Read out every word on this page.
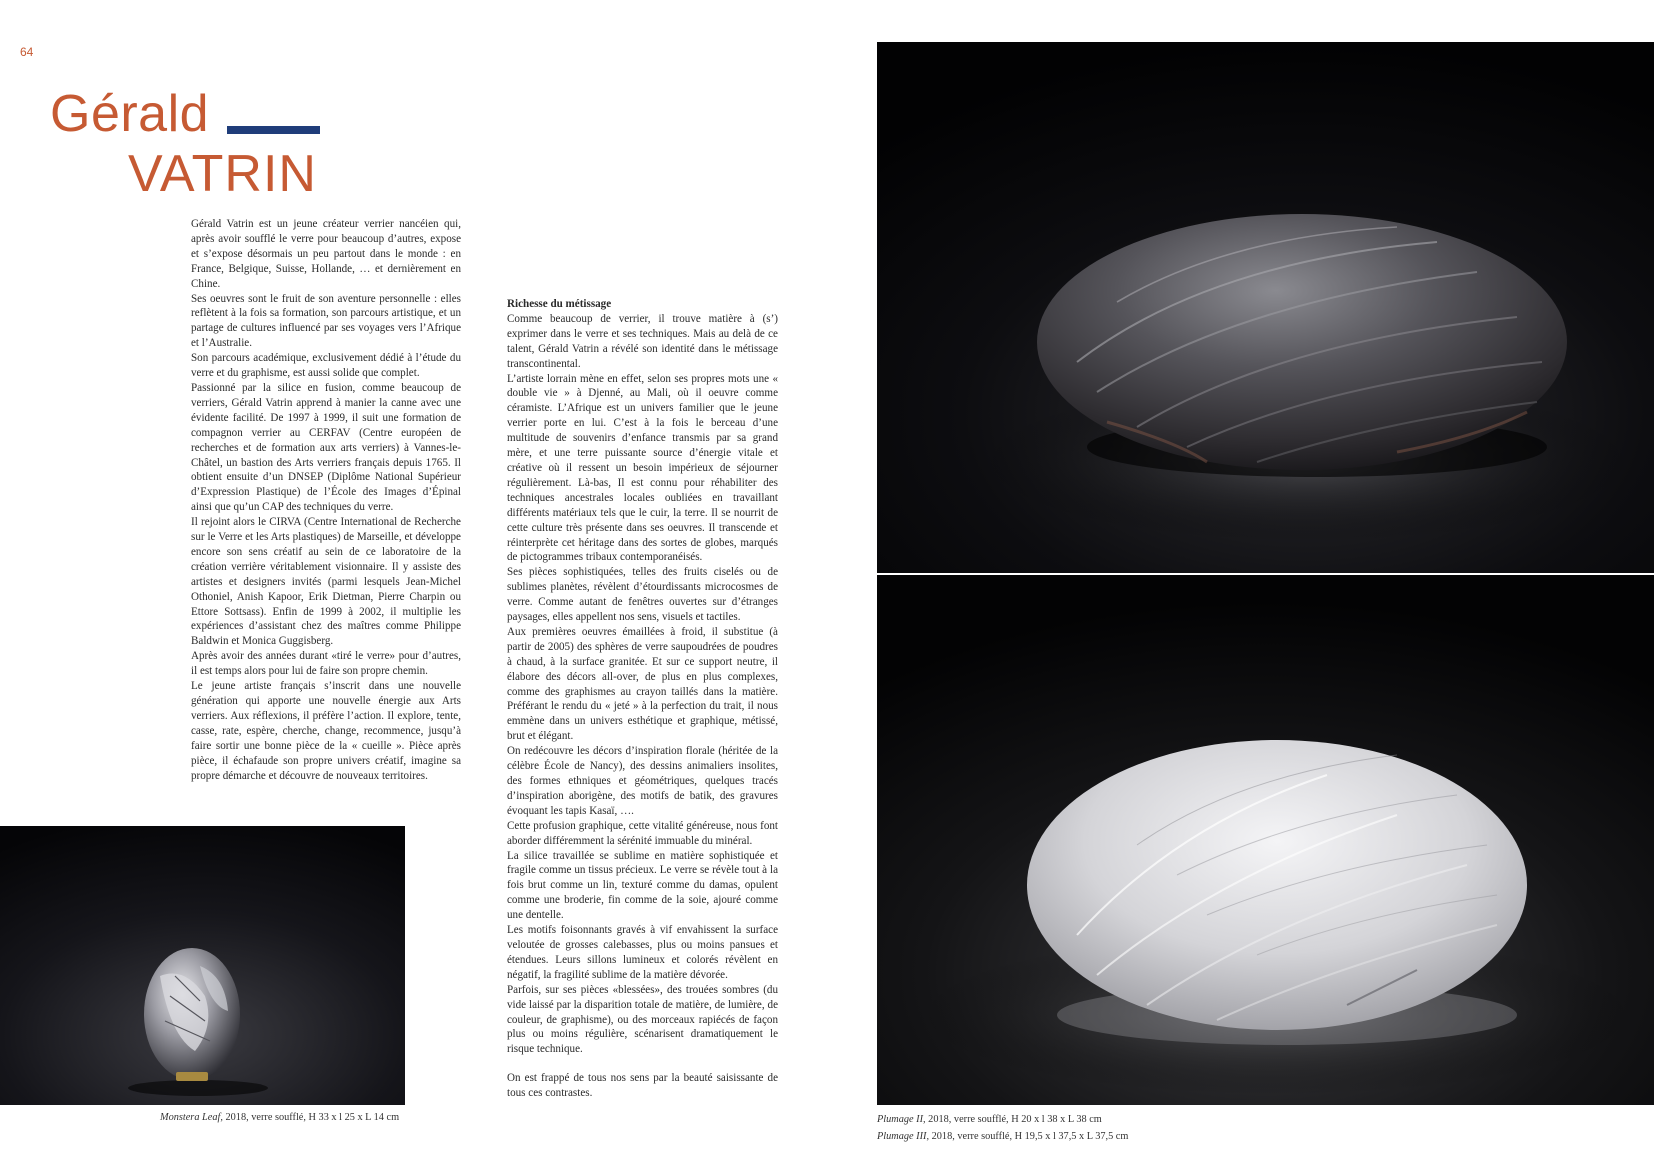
64
Gérald
VATRIN

Gérald Vatrin est un jeune créateur verrier nancéien qui, après avoir soufflé le verre pour beaucoup d’autres, expose et s’expose désormais un peu partout dans le monde : en France, Belgique, Suisse, Hollande, … et dernièrement en Chine.

Ses oeuvres sont le fruit de son aventure personnelle : elles reflètent à la fois sa formation, son parcours artistique, et un partage de cultures influencé par ses voyages vers l’Afrique et l’Australie.

Son parcours académique, exclusivement dédié à l’étude du verre et du graphisme, est aussi solide que complet.

Passionné par la silice en fusion, comme beaucoup de verriers, Gérald Vatrin apprend à manier la canne avec une évidente facilité. De 1997 à 1999, il suit une formation de compagnon verrier au CERFAV (Centre européen de recherches et de formation aux arts verriers) à Vannes-le-Châtel, un bastion des Arts verriers français depuis 1765. Il obtient ensuite d’un DNSEP (Diplôme National Supérieur d’Expression Plastique) de l’École des Images d’Épinal ainsi que qu’un CAP des techniques du verre.

Il rejoint alors le CIRVA (Centre International de Recherche sur le Verre et les Arts plastiques) de Marseille, et développe encore son sens créatif au sein de ce laboratoire de la création verrière véritablement visionnaire. Il y assiste des artistes et designers invités (parmi lesquels Jean-Michel Othoniel, Anish Kapoor, Erik Dietman, Pierre Charpin ou Ettore Sottsass). Enfin de 1999 à 2002, il multiplie les expériences d’assistant chez des maîtres comme Philippe Baldwin et Monica Guggisberg.

Après avoir des années durant «tiré le verre» pour d’autres, il est temps alors pour lui de faire son propre chemin.

Le jeune artiste français s’inscrit dans une nouvelle génération qui apporte une nouvelle énergie aux Arts verriers. Aux réflexions, il préfère l’action. Il explore, tente, casse, rate, espère, cherche, change, recommence, jusqu’à faire sortir une bonne pièce de la « cueille ». Pièce après pièce, il échafaude son propre univers créatif, imagine sa propre démarche et découvre de nouveaux territoires.

Richesse du métissage

Comme beaucoup de verrier, il trouve matière à (s’) exprimer dans le verre et ses techniques. Mais au delà de ce talent, Gérald Vatrin a révélé son identité dans le métissage transcontinental.

L’artiste lorrain mène en effet, selon ses propres mots une « double vie » à Djenné, au Mali, où il oeuvre comme céramiste. L’Afrique est un univers familier que le jeune verrier porte en lui. C’est à la fois le berceau d’une multitude de souvenirs d’enfance transmis par sa grand mère, et une terre puissante source d’énergie vitale et créative où il ressent un besoin impérieux de séjourner régulièrement. Là-bas, Il est connu pour réhabiliter des techniques ancestrales locales oubliées en travaillant différents matériaux tels que le cuir, la terre. Il se nourrit de cette culture très présente dans ses oeuvres. Il transcende et réinterprète cet héritage dans des sortes de globes, marqués de pictogrammes tribaux contemporanéisés.

Ses pièces sophistiquées, telles des fruits ciselés ou de sublimes planètes, révèlent d’étourdissants microcosmes de verre. Comme autant de fenêtres ouvertes sur d’étranges paysages, elles appellent nos sens, visuels et tactiles.

Aux premières oeuvres émaillées à froid, il substitue (à partir de 2005) des sphères de verre saupoudrées de poudres à chaud, à la surface granitée. Et sur ce support neutre, il élabore des décors all-over, de plus en plus complexes, comme des graphismes au crayon taillés dans la matière. Préférant le rendu du « jeté » à la perfection du trait, il nous emmène dans un univers esthétique et graphique, métissé, brut et élégant.

On redécouvre les décors d’inspiration florale (héritée de la célèbre École de Nancy), des dessins animaliers insolites, des formes ethniques et géométriques, quelques tracés d’inspiration aborigène, des motifs de batik, des gravures évoquant les tapis Kasaï, ….

Cette profusion graphique, cette vitalité généreuse, nous font aborder différemment la sérénité immuable du minéral.

La silice travaillée se sublime en matière sophistiquée et fragile comme un tissus précieux. Le verre se révèle tout à la fois brut comme un lin, texturé comme du damas, opulent comme une broderie, fin comme de la soie, ajouré comme une dentelle.

Les motifs foisonnants gravés à vif envahissent la surface veloutée de grosses calebasses, plus ou moins pansues et étendues. Leurs sillons lumineux et colorés révèlent en négatif, la fragilité sublime de la matière dévorée.

Parfois, sur ses pièces «blessées», des trouées sombres (du vide laissé par la disparition totale de matière, de lumière, de couleur, de graphisme), ou des morceaux rapiécés de façon plus ou moins régulière, scénarisent dramatiquement le risque technique.

On est frappé de tous nos sens par la beauté saisissante de tous ces contrastes.

Monstera Leaf, 2018, verre soufflé, H 33 x l 25 x L 14 cm	Plumage II, 2018, verre soufflé, H 20 x l 38 x L 38 cm
Plumage III, 2018, verre soufflé, H 19,5 x l 37,5 x L 37,5 cm
